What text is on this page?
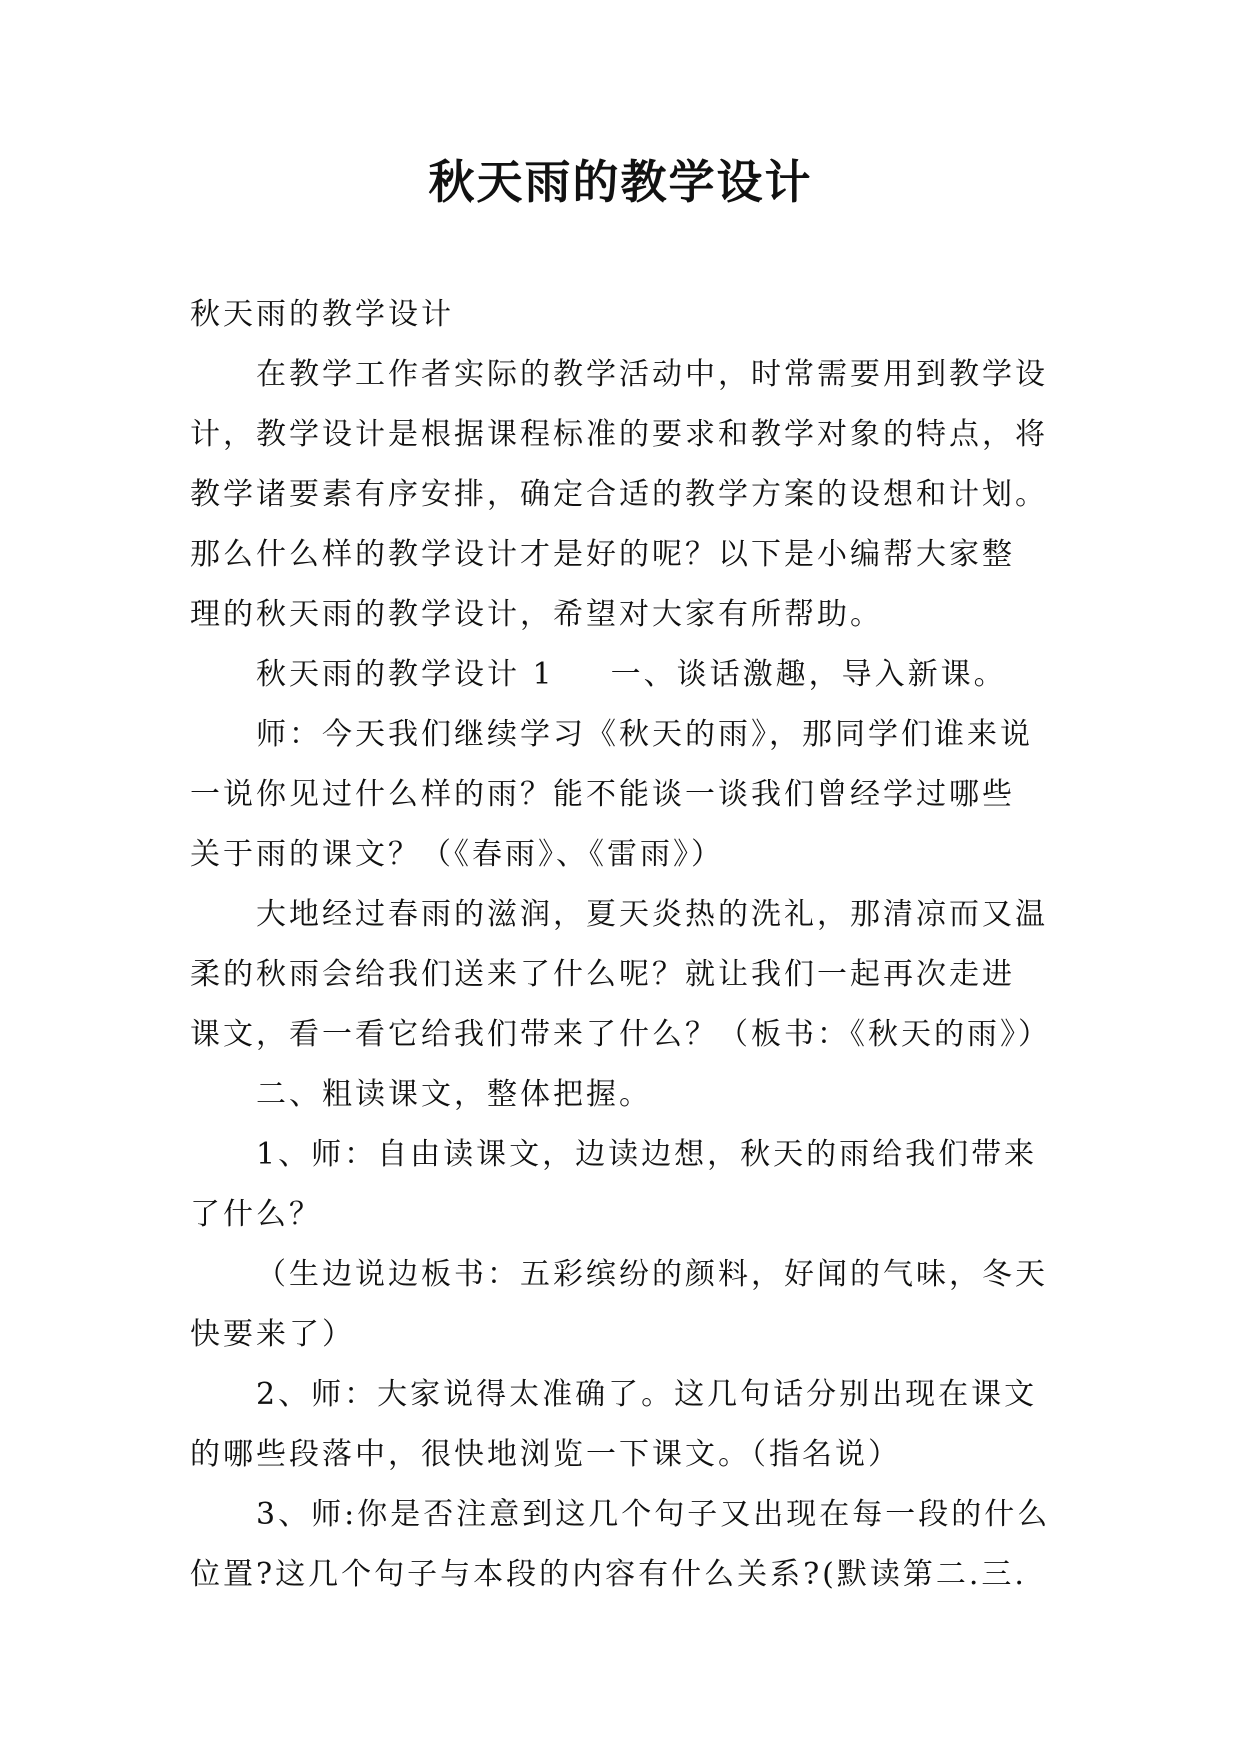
秋天雨的教学设计
秋天雨的教学设计
在教学工作者实际的教学活动中，时常需要用到教学设
计，教学设计是根据课程标准的要求和教学对象的特点，将
教学诸要素有序安排，确定合适的教学方案的设想和计划。
那么什么样的教学设计才是好的呢？以下是小编帮大家整
理的秋天雨的教学设计，希望对大家有所帮助。
秋天雨的教学设计 1 一、谈话激趣，导入新课。
师：今天我们继续学习《秋天的雨》，那同学们谁来说
一说你见过什么样的雨？能不能谈一谈我们曾经学过哪些
关于雨的课文？（《春雨》、《雷雨》）
大地经过春雨的滋润，夏天炎热的洗礼，那清凉而又温
柔的秋雨会给我们送来了什么呢？就让我们一起再次走进
课文，看一看它给我们带来了什么？（板书：《秋天的雨》）
二、粗读课文，整体把握。
1、师：自由读课文，边读边想，秋天的雨给我们带来
了什么？
（生边说边板书：五彩缤纷的颜料，好闻的气味，冬天
快要来了）
2、师：大家说得太准确了。这几句话分别出现在课文
的哪些段落中，很快地浏览一下课文。（指名说）
3、师:你是否注意到这几个句子又出现在每一段的什么
位置?这几个句子与本段的内容有什么关系?(默读第二.三.
